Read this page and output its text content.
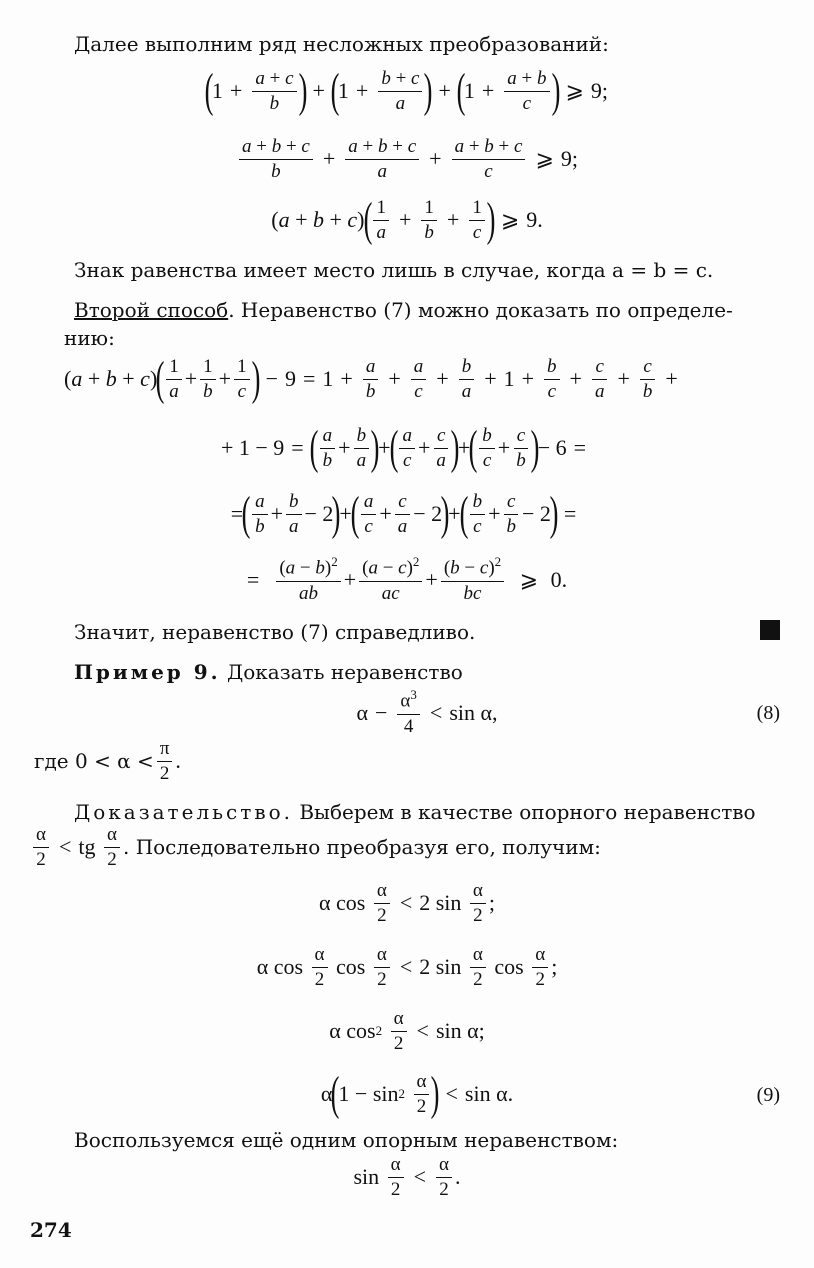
Далее выполним ряд несложных преобразований:
(
$1 + \frac{a + c}{b}$ ) + (
$1 + \frac{b + c}{a}$ ) + (
$1 + \frac{a + b}{c}$ ) ⩾ 9;
$\frac{a + b + c}{b} + \frac{a + b + c}{a} + \frac{a + b + c}{c}$ ⩾ 9;
( a + b + c )
( $\frac{1}{a} + \frac{1}{b} + \frac{1}{c}$ ) ⩾ 9.
Знак равенства имеет место лишь в случае, когда a = b = c.
Второй способ. Неравенство (7) можно доказать по определе-
нию:
( a + b + c )
( $\frac{1}{a} + \frac{1}{b} + \frac{1}{c}$ ) − $9 = 1 + \frac{a}{b} + \frac{a}{c} + \frac{b}{a} + 1 + \frac{b}{c} + \frac{c}{a} + \frac{c}{b}$ +
+ 1 − 9 = ( $\frac{a}{b} + \frac{b}{a}$ )
+
( $\frac{a}{c} + \frac{c}{a}$ )
+
( $\frac{b}{c} + \frac{c}{b}$ )
− 6 =
=
( $\frac{a}{b} + \frac{b}{a} - 2$
)
+
( $\frac{a}{c} + \frac{c}{a} - 2$
)
+
( $\frac{b}{c} + \frac{c}{b} - 2$
) =
= $\frac{(a - b)^2}{ab} + \frac{(a - c)^2}{ac} + \frac{(b - c)^2}{bc}$ ⩾ 0.
Значит, неравенство (7) справедливо.
Пример 9. Доказать неравенство
$\alpha - \frac{\alpha^3}{4} < \sin \alpha$,	(8)
где $0 < \alpha < \frac{\pi}{2}$ .
Доказательство. Выберем в качестве опорного неравенство
$\frac{\alpha}{2}$ < tg $\frac{\alpha}{2}$ . Последовательно преобразуя его, получим:
α $\cos \frac{\alpha}{2} < 2$ $\sin \frac{\alpha}{2}$ ;
α $\cos \frac{\alpha}{2}$ $\cos \frac{\alpha}{2} < 2$ $\sin \frac{\alpha}{2}$ $\cos \frac{\alpha}{2}$ ;
α cos 2
$\frac{\alpha}{2} < \sin \alpha$;
α
(
1 − sin 2
$\frac{\alpha}{2}$ ) < sin α.	(9)
Воспользуемся ещё одним опорным неравенством:
$\sin \frac{\alpha}{2} < \frac{\alpha}{2}$ .
274
